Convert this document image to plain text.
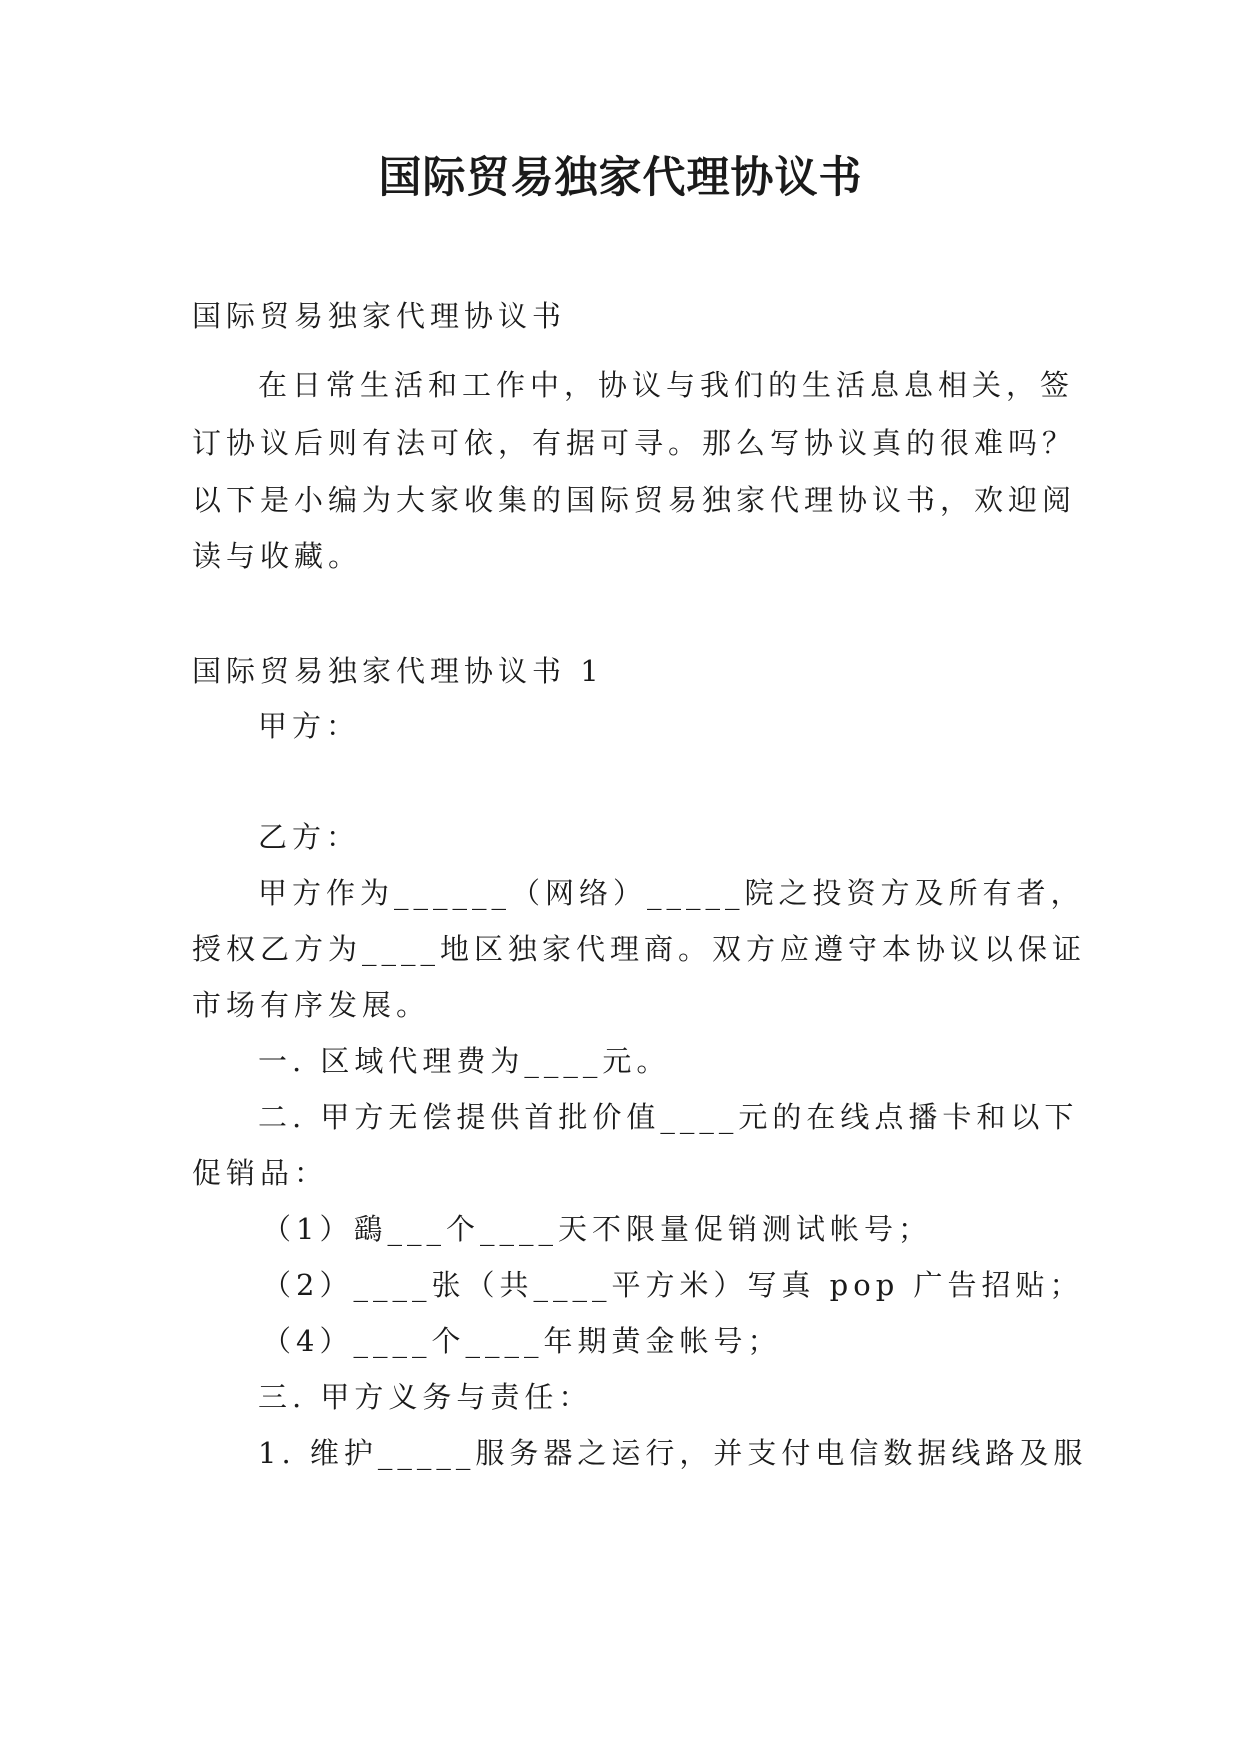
国际贸易独家代理协议书

国际贸易独家代理协议书

在日常生活和工作中，协议与我们的生活息息相关，签

订协议后则有法可依，有据可寻。那么写协议真的很难吗？

以下是小编为大家收集的国际贸易独家代理协议书，欢迎阅

读与收藏。

国际贸易独家代理协议书 1

甲方：

乙方：

甲方作为______（网络）_____院之投资方及所有者，

授权乙方为____地区独家代理商。双方应遵守本协议以保证

市场有序发展。

一. 区域代理费为____元。

二. 甲方无偿提供首批价值____元的在线点播卡和以下

促销品：

（1）鷂___个____天不限量促销测试帐号；

（2）____张（共____平方米）写真 pop 广告招贴；

（4）____个____年期黄金帐号；

三. 甲方义务与责任：

1. 维护_____服务器之运行，并支付电信数据线路及服
